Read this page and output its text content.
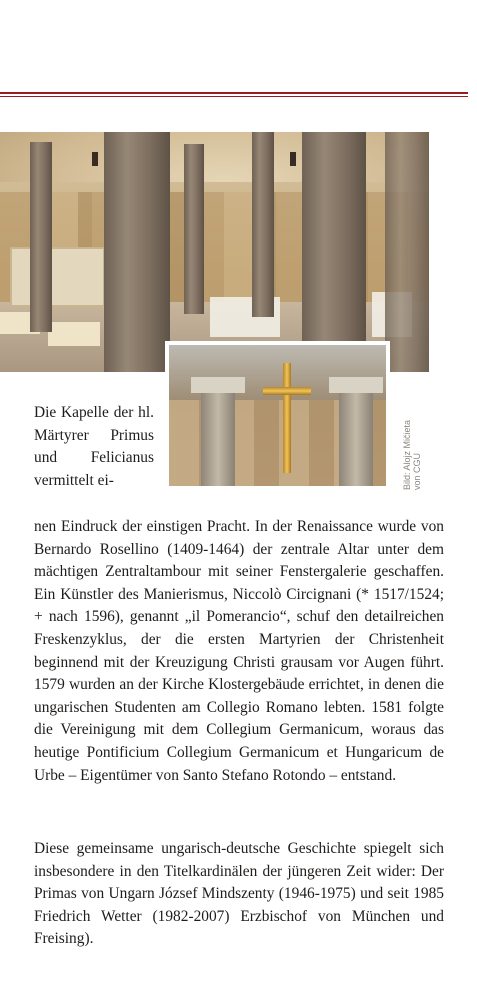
Bild: Alojz Mičieta
von CGU
Die Kapelle der hl. Märtyrer Primus und Felicianus vermittelt ei-

nen Eindruck der einstigen Pracht. In der Renaissance wurde von Bernardo Rosellino (1409-1464) der zentrale Altar unter dem mächtigen Zentraltambour mit seiner Fenstergalerie geschaffen. Ein Künstler des Manierismus, Niccolò Circignani (* 1517/1524; + nach 1596), genannt „il Pomerancio“, schuf den detailreichen Freskenzyklus, der die ersten Martyrien der Christenheit beginnend mit der Kreuzigung Christi grausam vor Augen führt. 1579 wurden an der Kirche Klostergebäude errichtet, in denen die ungarischen Studenten am Collegio Romano lebten. 1581 folgte die Vereinigung mit dem Collegium Germanicum, woraus das heutige Pontificium Collegium Germanicum et Hungaricum de Urbe – Eigentümer von Santo Stefano Rotondo – entstand.

Diese gemeinsame ungarisch-deutsche Geschichte spiegelt sich insbesondere in den Titelkardinälen der jüngeren Zeit wider: Der Primas von Ungarn József Mindszenty (1946-1975) und seit 1985 Friedrich Wetter (1982-2007) Erzbischof von München und Freising).
